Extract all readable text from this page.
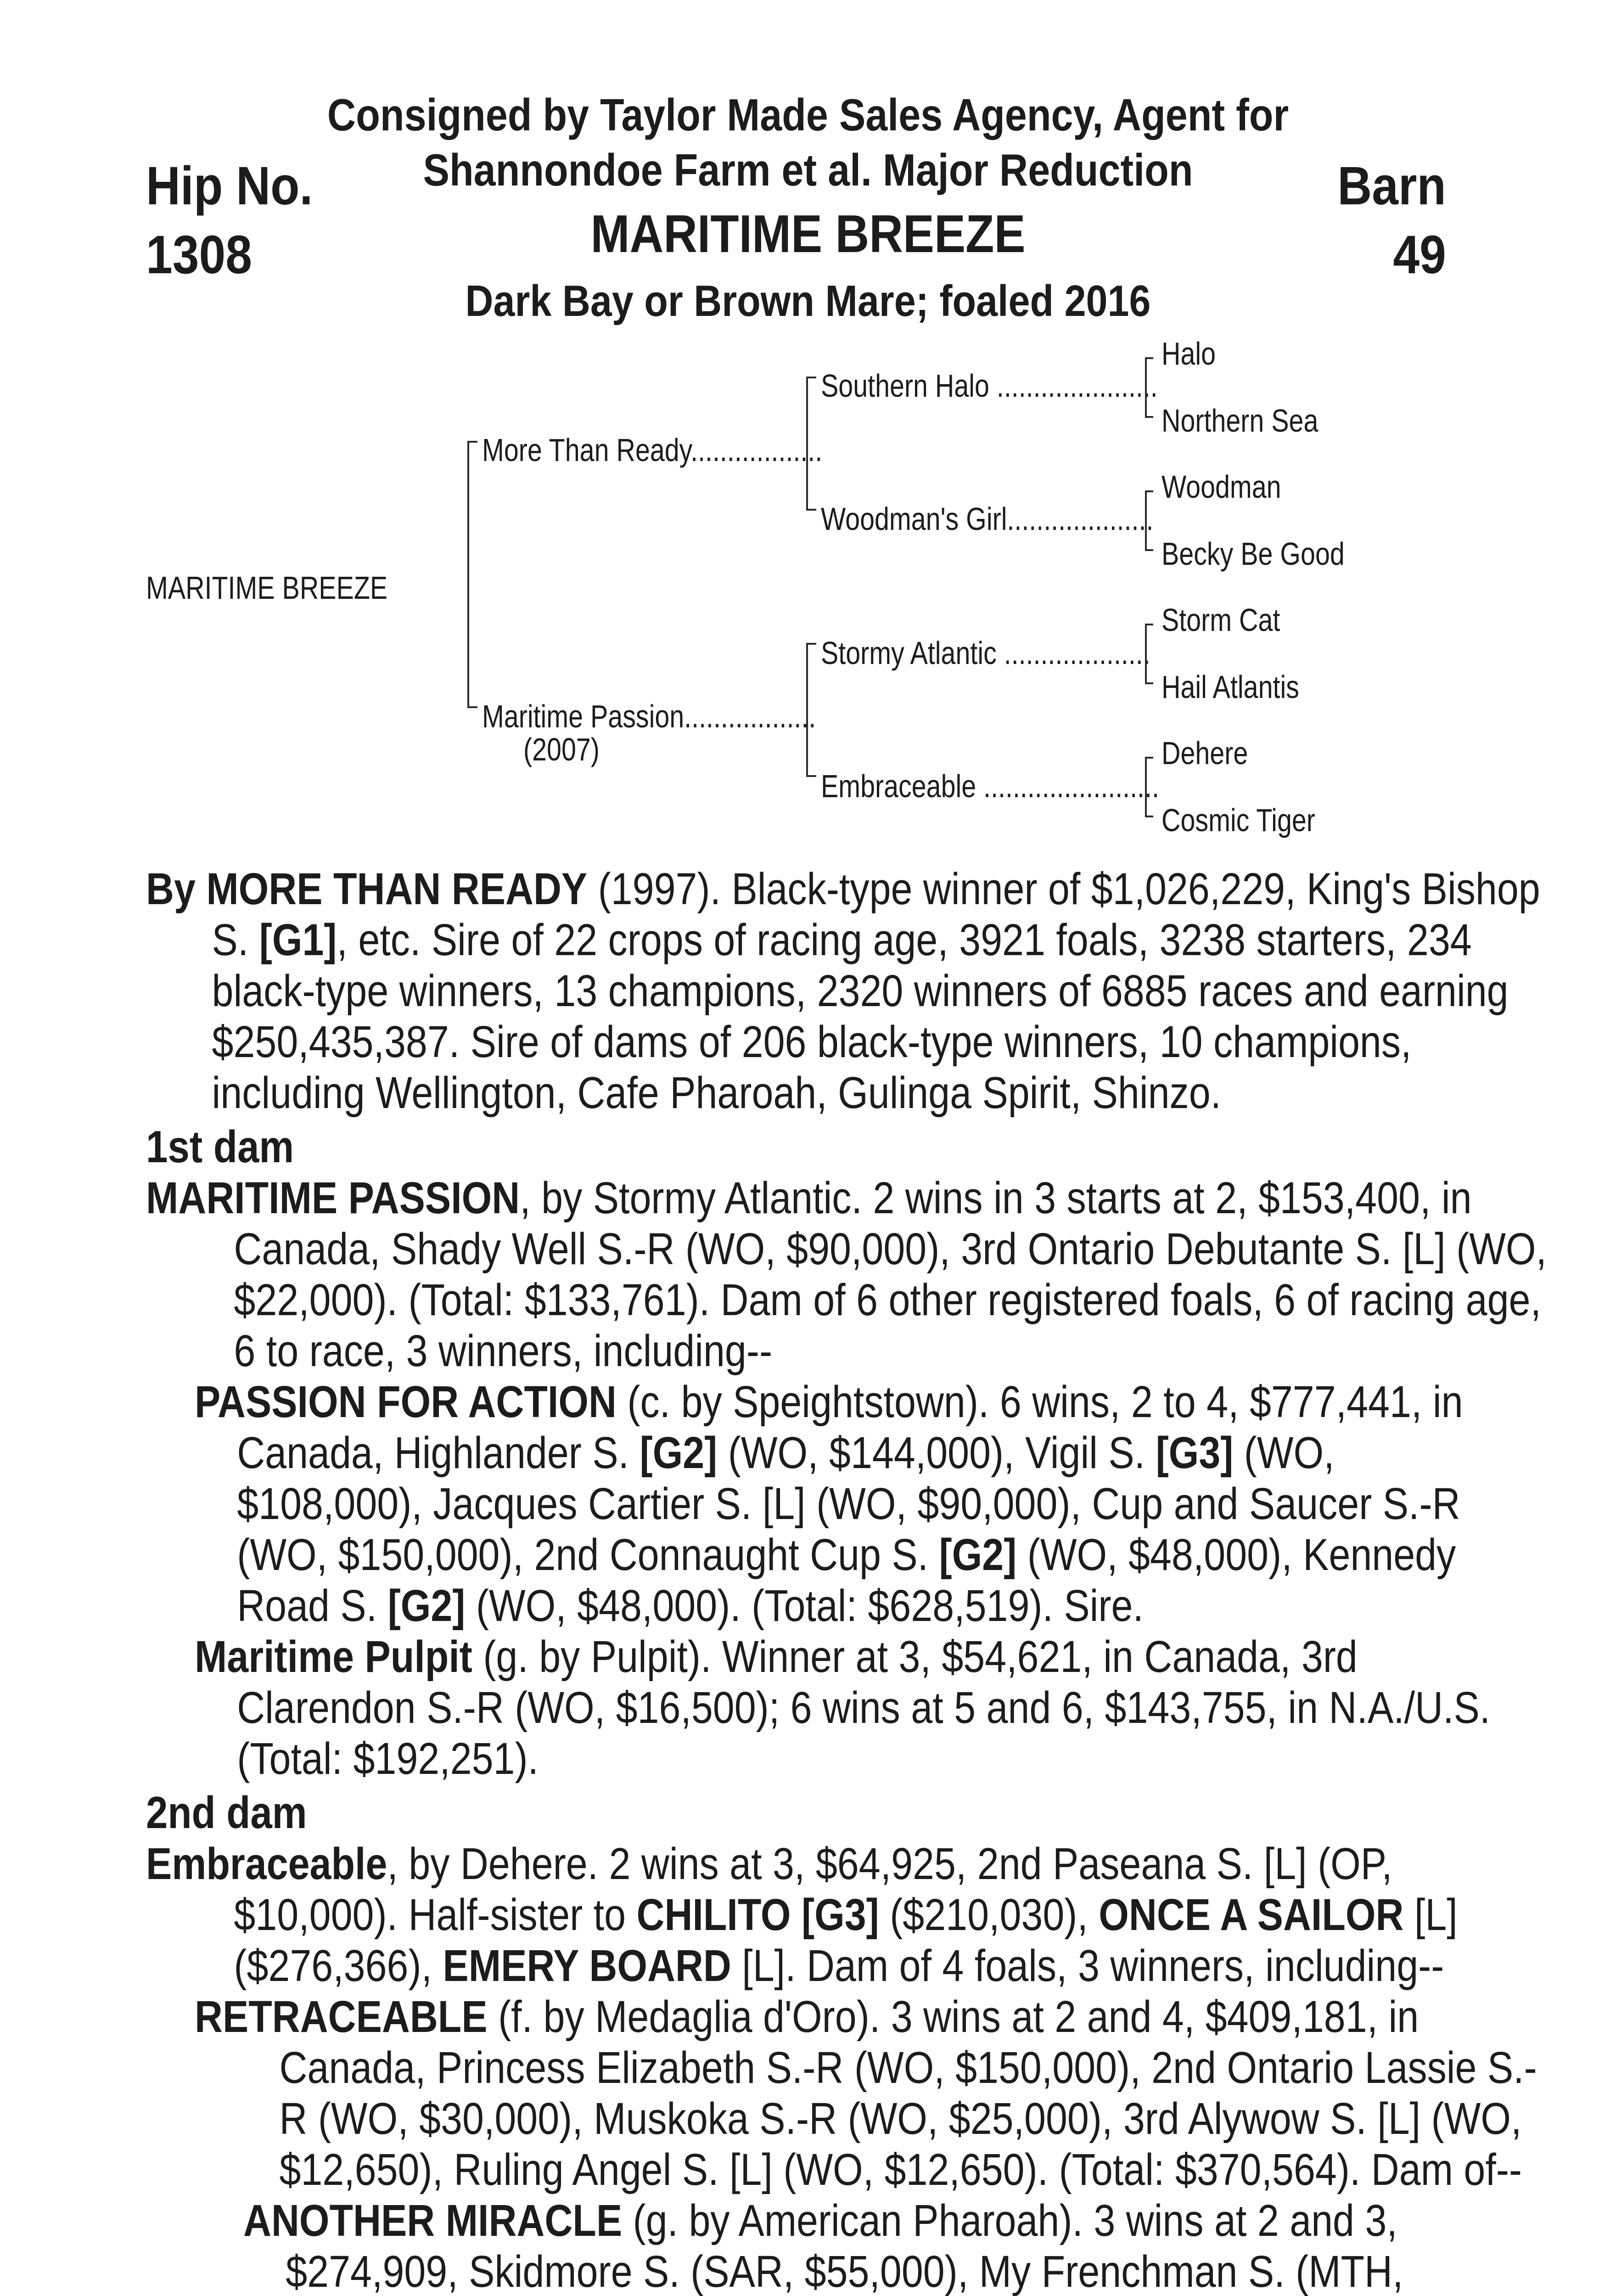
Hip No.
1308
Barn
49
Consigned by Taylor Made Sales Agency, Agent for
Shannondoe Farm et al. Major Reduction
MARITIME BREEZE
Dark Bay or Brown Mare; foaled 2016
MARITIME BREEZE
More Than Ready..................
Maritime Passion..................
(2007)
Southern Halo ......................
Woodman's Girl....................
Stormy Atlantic ....................
Embraceable ........................
Halo
Northern Sea
Woodman
Becky Be Good
Storm Cat
Hail Atlantis
Dehere
Cosmic Tiger
By MORE THAN READY (1997). Black-type winner of $1,026,229, King's Bishop S. [G1], etc. Sire of 22 crops of racing age, 3921 foals, 3238 starters, 234 black-type winners, 13 champions, 2320 winners of 6885 races and earning $250,435,387. Sire of dams of 206 black-type winners, 10 champions, including Wellington, Cafe Pharoah, Gulinga Spirit, Shinzo.
1st dam
MARITIME PASSION, by Stormy Atlantic. 2 wins in 3 starts at 2, $153,400, in Canada, Shady Well S.-R (WO, $90,000), 3rd Ontario Debutante S. [L] (WO, $22,000). (Total: $133,761). Dam of 6 other registered foals, 6 of racing age, 6 to race, 3 winners, including--
PASSION FOR ACTION (c. by Speightstown). 6 wins, 2 to 4, $777,441, in Canada, Highlander S. [G2] (WO, $144,000), Vigil S. [G3] (WO, $108,000), Jacques Cartier S. [L] (WO, $90,000), Cup and Saucer S.-R (WO, $150,000), 2nd Connaught Cup S. [G2] (WO, $48,000), Kennedy Road S. [G2] (WO, $48,000). (Total: $628,519). Sire.
Maritime Pulpit (g. by Pulpit). Winner at 3, $54,621, in Canada, 3rd Clarendon S.-R (WO, $16,500); 6 wins at 5 and 6, $143,755, in N.A./U.S. (Total: $192,251).
2nd dam
Embraceable, by Dehere. 2 wins at 3, $64,925, 2nd Paseana S. [L] (OP, $10,000). Half-sister to CHILITO [G3] ($210,030), ONCE A SAILOR [L] ($276,366), EMERY BOARD [L]. Dam of 4 foals, 3 winners, including--
RETRACEABLE (f. by Medaglia d'Oro). 3 wins at 2 and 4, $409,181, in Canada, Princess Elizabeth S.-R (WO, $150,000), 2nd Ontario Lassie S.-R (WO, $30,000), Muskoka S.-R (WO, $25,000), 3rd Alywow S. [L] (WO, $12,650), Ruling Angel S. [L] (WO, $12,650). (Total: $370,564). Dam of--
ANOTHER MIRACLE (g. by American Pharoah). 3 wins at 2 and 3, $274,909, Skidmore S. (SAR, $55,000), My Frenchman S. (MTH,
